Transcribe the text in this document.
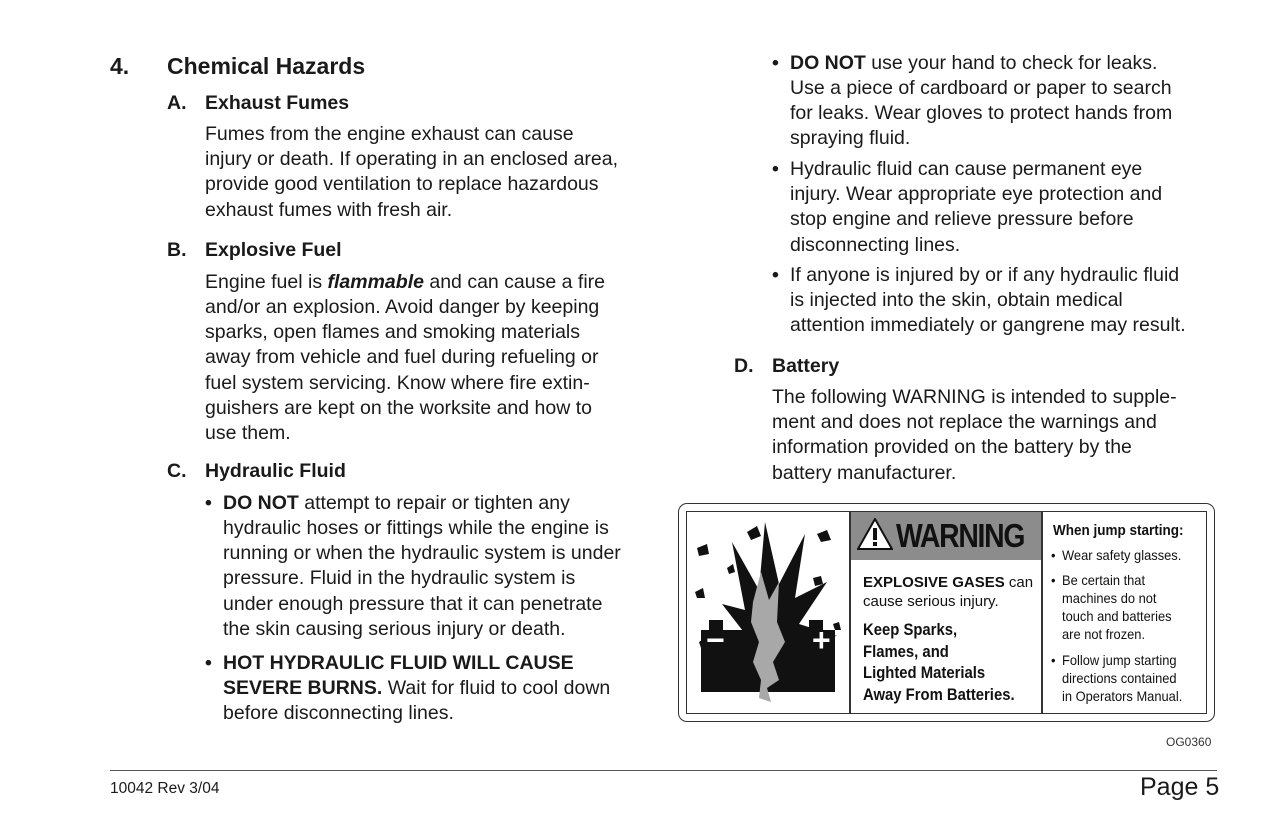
4. Chemical Hazards
A. Exhaust Fumes
Fumes from the engine exhaust can cause
injury or death. If operating in an enclosed area,
provide good ventilation to replace hazardous
exhaust fumes with fresh air.
B. Explosive Fuel
Engine fuel is flammable and can cause a fire
and/or an explosion. Avoid danger by keeping
sparks, open flames and smoking materials
away from vehicle and fuel during refueling or
fuel system servicing. Know where fire extin-
guishers are kept on the worksite and how to
use them.
C. Hydraulic Fluid
• DO NOT attempt to repair or tighten any
hydraulic hoses or fittings while the engine is
running or when the hydraulic system is under
pressure. Fluid in the hydraulic system is
under enough pressure that it can penetrate
the skin causing serious injury or death.
• HOT HYDRAULIC FLUID WILL CAUSE
SEVERE BURNS. Wait for fluid to cool down
before disconnecting lines.
• DO NOT use your hand to check for leaks.
Use a piece of cardboard or paper to search
for leaks. Wear gloves to protect hands from
spraying fluid.
• Hydraulic fluid can cause permanent eye
injury. Wear appropriate eye protection and
stop engine and relieve pressure before
disconnecting lines.
• If anyone is injured by or if any hydraulic fluid
is injected into the skin, obtain medical
attention immediately or gangrene may result.
D. Battery
The following WARNING is intended to supple-
ment and does not replace the warnings and
information provided on the battery by the
battery manufacturer.
−	+
WARNING
EXPLOSIVE GASES can
cause serious injury.
Keep Sparks,
Flames, and
Lighted Materials
Away From Batteries.
When jump starting:
• Wear safety glasses.
• Be certain that
machines do not
touch and batteries
are not frozen.
• Follow jump starting
directions contained
in Operators Manual.
OG0360
10042 Rev 3/04	Page 5
